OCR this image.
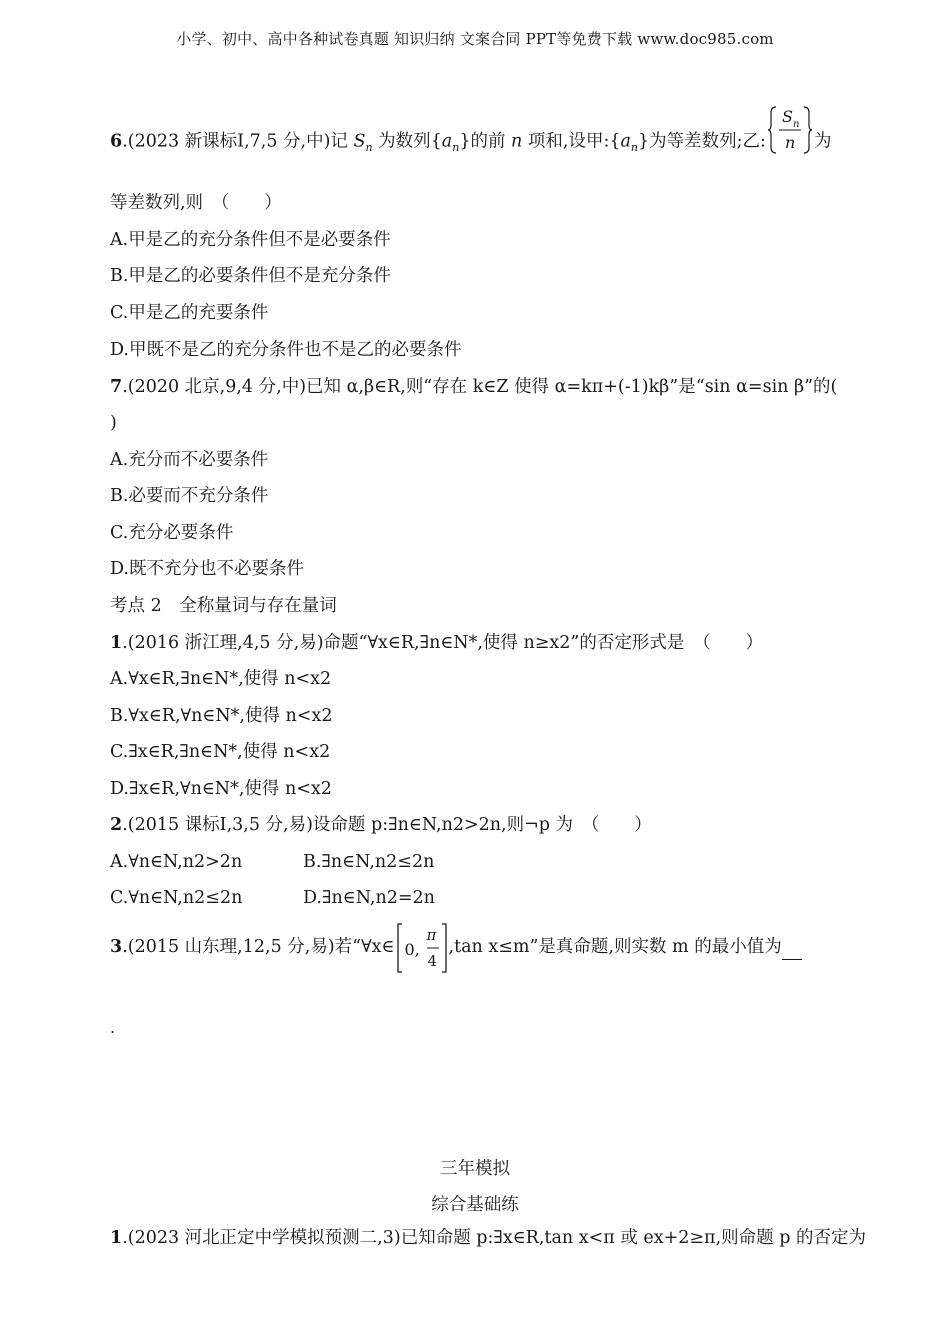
小学、初中、高中各种试卷真题 知识归纳 文案合同 PPT等免费下载 www.doc985.com
6.(2023 新课标Ⅰ,7,5 分,中)记 $S_n$ 为数列$\{a_n\}$的前 n 项和,设甲$:\{a_n\}$为等差数列;乙:
S n
n 为
等差数列,则　（　　）
A.甲是乙的充分条件但不是必要条件
B.甲是乙的必要条件但不是充分条件
C.甲是乙的充要条件
D.甲既不是乙的充分条件也不是乙的必要条件
7.(2020 北京,9,4 分,中)已知 α,β∈R,则“存在 k∈Z 使得 α=kπ+(-1)kβ”是“sin α=sin β”的(
)
A.充分而不必要条件
B.必要而不充分条件
C.充分必要条件
D.既不充分也不必要条件
考点 2　全称量词与存在量词
1.(2016 浙江理,4,5 分,易)命题“∀x∈R,∃n∈N*,使得 n≥x2”的否定形式是　（　　）
A.∀x∈R,∃n∈N*,使得 n<x2
B.∀x∈R,∀n∈N*,使得 n<x2
C.∃x∈R,∃n∈N*,使得 n<x2
D.∃x∈R,∀n∈N*,使得 n<x2
2.(2015 课标Ⅰ,3,5 分,易)设命题 p:∃n∈N,n2>2n,则¬p 为　（　　）
A.∀n∈N,n2>2n	B.∃n∈N,n2≤2n
C.∀n∈N,n2≤2n	D.∃n∈N,n2=2n
3.(2015 山东理,12,5 分,易)若“∀x∈ 0,
π
4
,tan x≤m”是真命题,则实数 m 的最小值为
.
三年模拟
综合基础练
1.(2023 河北正定中学模拟预测二,3)已知命题 p:∃x∈R,tan x<π 或 ex+2≥π,则命题 p 的否定为
